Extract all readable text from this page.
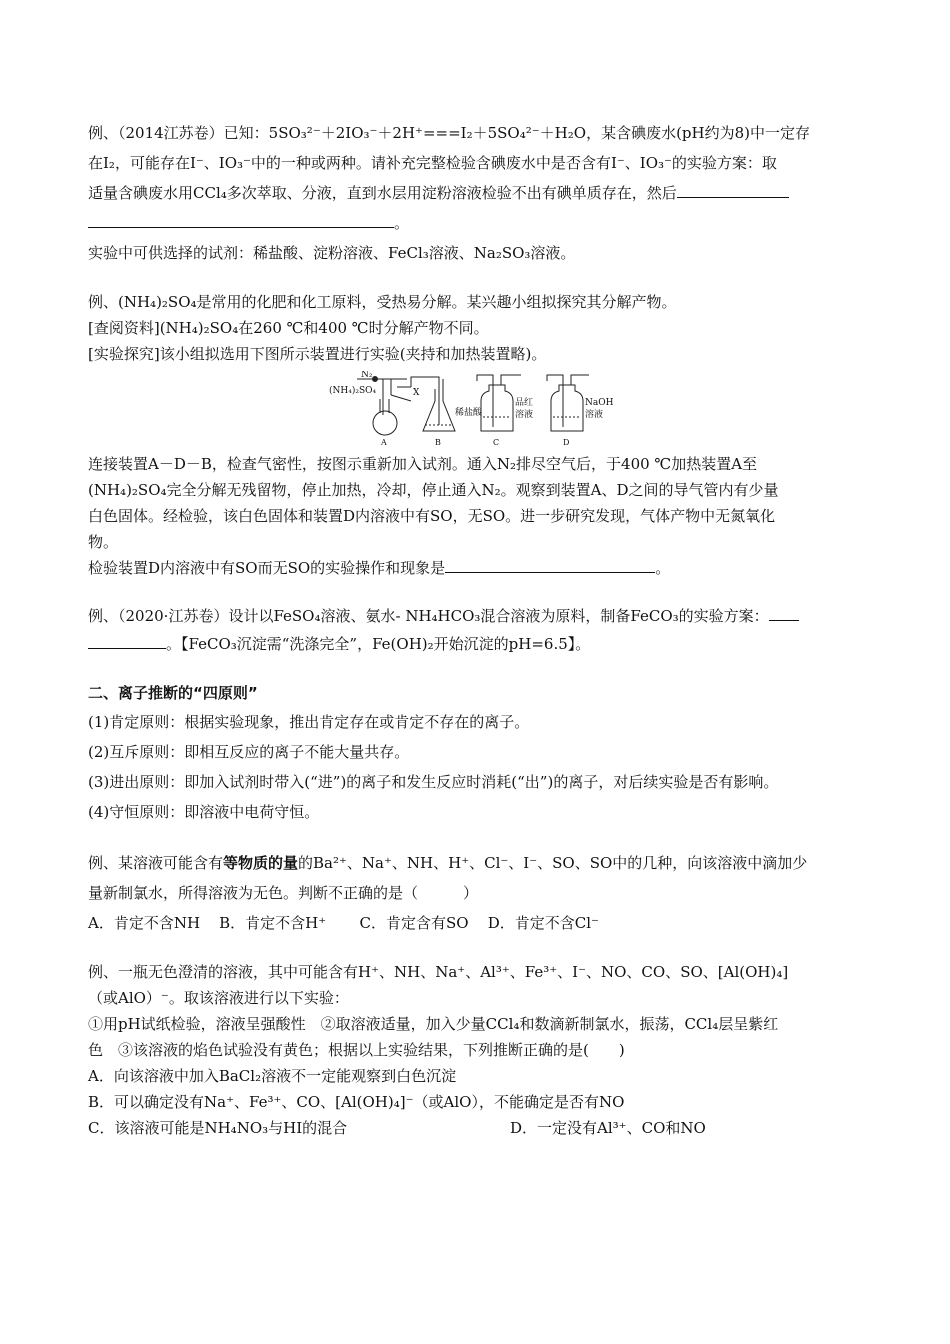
例、（2014江苏卷）已知：5SO₃²⁻＋2IO₃⁻＋2H⁺===I₂＋5SO₄²⁻＋H₂O，某含碘废水(pH约为8)中一定存

在I₂，可能存在I⁻、IO₃⁻中的一种或两种。请补充完整检验含碘废水中是否含有I⁻、IO₃⁻的实验方案：取

适量含碘废水用CCl₄多次萃取、分液，直到水层用淀粉溶液检验不出有碘单质存在，然后

。

实验中可供选择的试剂：稀盐酸、淀粉溶液、FeCl₃溶液、Na₂SO₃溶液。

例、(NH₄)₂SO₄是常用的化肥和化工原料，受热易分解。某兴趣小组拟探究其分解产物。

[查阅资料](NH₄)₂SO₄在260 ℃和400 ℃时分解产物不同。

[实验探究]该小组拟选用下图所示装置进行实验(夹持和加热装置略)。

N₂
(NH₄)₂SO₄	X
稀盐酸
品红
溶液
NaOH
溶液
A	B	C	D

连接装置A－D－B，检查气密性，按图示重新加入试剂。通入N₂排尽空气后，于400 ℃加热装置A至

(NH₄)₂SO₄完全分解无残留物，停止加热，冷却，停止通入N₂。观察到装置A、D之间的导气管内有少量

白色固体。经检验，该白色固体和装置D内溶液中有SO，无SO。进一步研究发现，气体产物中无氮氧化

物。

检验装置D内溶液中有SO而无SO的实验操作和现象是	。

例、（2020·江苏卷）设计以FeSO₄溶液、氨水- NH₄HCO₃混合溶液为原料，制备FeCO₃的实验方案：

。【FeCO₃沉淀需“洗涤完全”，Fe(OH)₂开始沉淀的pH=6.5】。

二、离子推断的“四原则”

(1)肯定原则：根据实验现象，推出肯定存在或肯定不存在的离子。

(2)互斥原则：即相互反应的离子不能大量共存。

(3)进出原则：即加入试剂时带入(“进”)的离子和发生反应时消耗(“出”)的离子，对后续实验是否有影响。

(4)守恒原则：即溶液中电荷守恒。

例、某溶液可能含有等物质的量的Ba²⁺、Na⁺、NH、H⁺、Cl⁻、I⁻、SO、SO中的几种，向该溶液中滴加少

量新制氯水，所得溶液为无色。判断不正确的是（　　　）

A．肯定不含NH B．肯定不含H⁺ C．肯定含有SO D．肯定不含Cl⁻

例、一瓶无色澄清的溶液，其中可能含有H⁺、NH、Na⁺、Al³⁺、Fe³⁺、I⁻、NO、CO、SO、[Al(OH)₄]

（或AlO）⁻。取该溶液进行以下实验：

①用pH试纸检验，溶液呈强酸性　②取溶液适量，加入少量CCl₄和数滴新制氯水，振荡，CCl₄层呈紫红

色　③该溶液的焰色试验没有黄色；根据以上实验结果，下列推断正确的是(　　)

A．向该溶液中加入BaCl₂溶液不一定能观察到白色沉淀

B．可以确定没有Na⁺、Fe³⁺、CO、[Al(OH)₄]⁻（或AlO），不能确定是否有NO

C．该溶液可能是NH₄NO₃与HI的混合	D．一定没有Al³⁺、CO和NO
